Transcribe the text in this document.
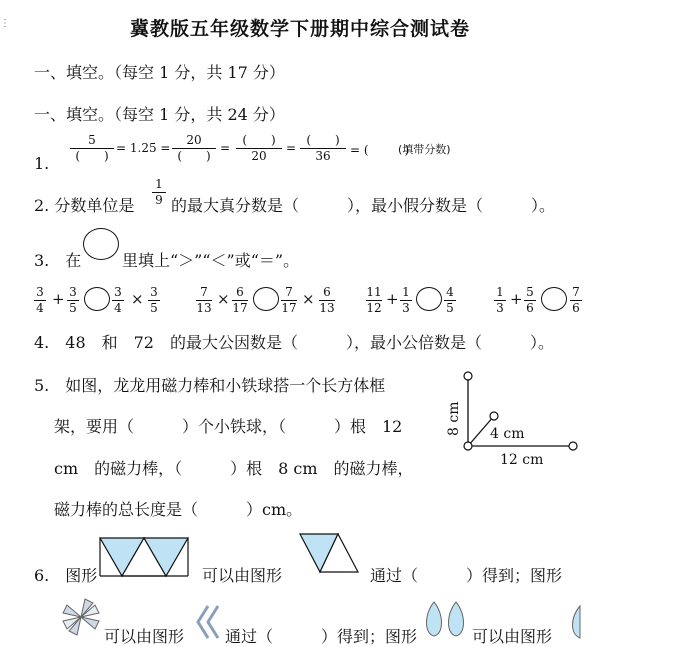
冀教版五年级数学下册期中综合测试卷
⋮
一、填空。（每空 1 分，共 17 分）
一、填空。（每空 1 分，共 24 分）
1.
5
(　　)
= 1.25 =
20
(　　)
=
(　　)
20
=
(　　)
36	= (　　　)
(填带分数)
2. 分数单位是
1
9 的最大真分数是（　　　），最小假分数是（　　　）。
3.　在	里填上“＞”“＜”或“＝”。
3
4 + 3
5
3
4 × 3
5
7
13 × 6
17
7
17 × 6
13
11
12 + 1
3
4
5
1
3 + 5
6
7
6
4.　48　和　72　的最大公因数是（　　　），最小公倍数是（　　　）。
5.　如图，龙龙用磁力棒和小铁球搭一个长方体框
架，要用（　　　）个小铁球，（　　　）根　12
cm　的磁力棒，（　　　）根　8 cm　的磁力棒，
磁力棒的总长度是（　　　）cm。
8 cm 4 cm
12 cm
6.　图形	可以由图形	通过（　　　）得到；图形
可以由图形	通过（　　　）得到；图形	可以由图形
